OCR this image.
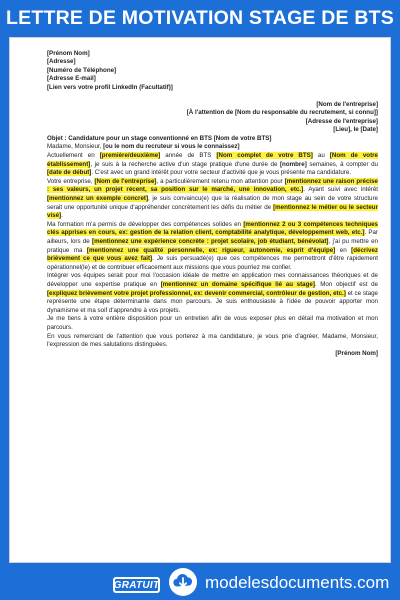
LETTRE DE MOTIVATION STAGE DE BTS

[Prénom Nom]

[Adresse]

[Numéro de Téléphone]

[Adresse E-mail]

[Lien vers votre profil LinkedIn (Facultatif)]

[Nom de l'entreprise]

[À l'attention de [Nom du responsable du recrutement, si connu]]

[Adresse de l'entreprise]

[Lieu], le [Date]

Objet : Candidature pour un stage conventionné en BTS [Nom de votre BTS]

Madame, Monsieur, [ou le nom du recruteur si vous le connaissez]

Actuellement en [première/deuxième] année de BTS [Nom complet de votre BTS] au [Nom de votre établissement], je suis à la recherche active d'un stage pratique d'une durée de [nombre] semaines, à compter du [date de début]. C'est avec un grand intérêt pour votre secteur d'activité que je vous présente ma candidature.

Votre entreprise, [Nom de l'entreprise], a particulièrement retenu mon attention pour [mentionnez une raison précise : ses valeurs, un projet récent, sa position sur le marché, une innovation, etc.]. Ayant suivi avec intérêt [mentionnez un exemple concret], je suis convaincu(e) que la réalisation de mon stage au sein de votre structure serait une opportunité unique d'appréhender concrètement les défis du métier de [mentionnez le métier ou le secteur visé].

Ma formation m'a permis de développer des compétences solides en [mentionnez 2 ou 3 compétences techniques clés apprises en cours, ex: gestion de la relation client, comptabilité analytique, développement web, etc.]. Par ailleurs, lors de [mentionnez une expérience concrète : projet scolaire, job étudiant, bénévolat], j'ai pu mettre en pratique ma [mentionnez une qualité personnelle, ex: rigueur, autonomie, esprit d'équipe] en [décrivez brièvement ce que vous avez fait]. Je suis persuadé(e) que ces compétences me permettront d'être rapidement opérationnel(le) et de contribuer efficacement aux missions que vous pourriez me confier.

Intégrer vos équipes serait pour moi l'occasion idéale de mettre en application mes connaissances théoriques et de développer une expertise pratique en [mentionnez un domaine spécifique lié au stage]. Mon objectif est de [expliquez brièvement votre projet professionnel, ex: devenir commercial, contrôleur de gestion, etc.] et ce stage représente une étape déterminante dans mon parcours. Je suis enthousiaste à l'idée de pouvoir apporter mon dynamisme et ma soif d'apprendre à vos projets.

Je me tiens à votre entière disposition pour un entretien afin de vous exposer plus en détail ma motivation et mon parcours.

En vous remerciant de l'attention que vous porterez à ma candidature, je vous prie d'agréer, Madame, Monsieur, l'expression de mes salutations distinguées.

[Prénom Nom]

GRATUIT	modelesdocuments.com
